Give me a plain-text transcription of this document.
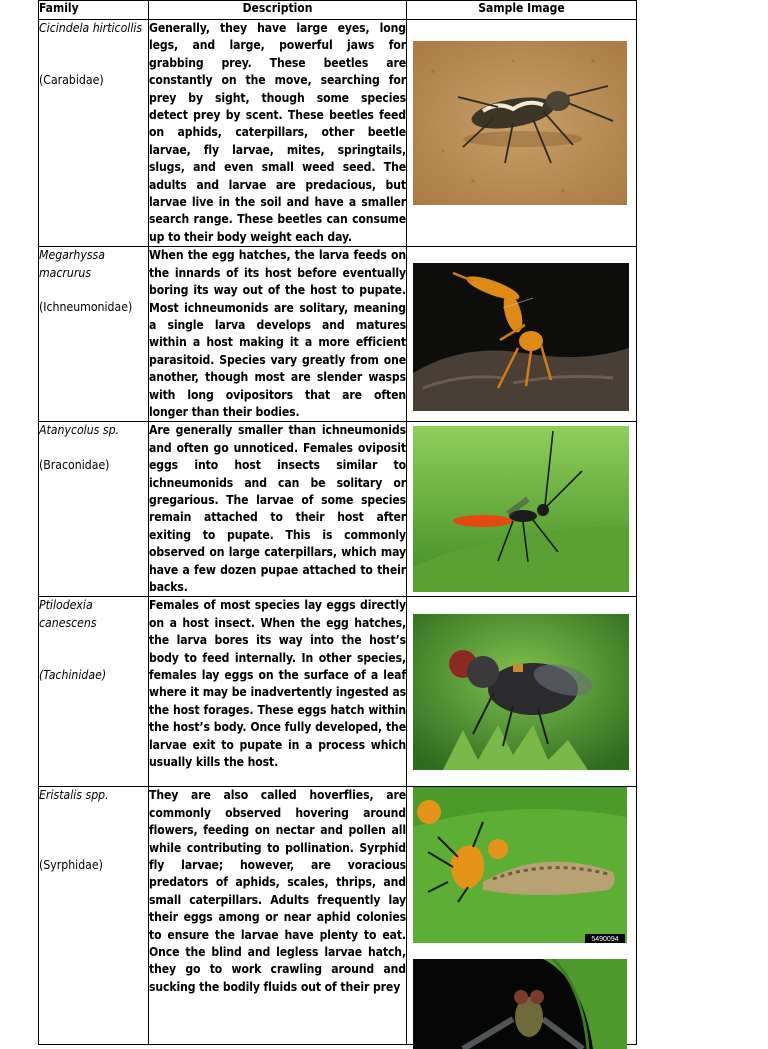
Family	Description	Sample Image

Cicindela hirticollis
(Carabidae)	Generally, they have large eyes, long legs, and large, powerful jaws for grabbing prey. These beetles are constantly on the move, searching for prey by sight, though some species detect prey by scent. These beetles feed on aphids, caterpillars, other beetle larvae, fly larvae, mites, springtails, slugs, and even small weed seed. The adults and larvae are predacious, but larvae live in the soil and have a smaller search range. These beetles can consume up to their body weight each day.	

Megarhyssa macrurus
(Ichneumonidae)	When the egg hatches, the larva feeds on the innards of its host before eventually boring its way out of the host to pupate. Most ichneumonids are solitary, meaning a single larva develops and matures within a host making it a more efficient parasitoid. Species vary greatly from one another, though most are slender wasps with long ovipositors that are often longer than their bodies.	

Atanycolus sp.
(Braconidae)	Are generally smaller than ichneumonids and often go unnoticed. Females oviposit eggs into host insects similar to ichneumonids and can be solitary or gregarious. The larvae of some species remain attached to their host after exiting to pupate. This is commonly observed on large caterpillars, which may have a few dozen pupae attached to their backs.	

Ptilodexia canescens
(Tachinidae)	Females of most species lay eggs directly on a host insect. When the egg hatches, the larva bores its way into the host’s body to feed internally. In other species, females lay eggs on the surface of a leaf where it may be inadvertently ingested as the host forages. These eggs hatch within the host’s body. Once fully developed, the larvae exit to pupate in a process which usually kills the host.	

Eristalis spp.
(Syrphidae)	They are also called hoverflies, are commonly observed hovering around flowers, feeding on nectar and pollen all while contributing to pollination. Syrphid fly larvae; however, are voracious predators of aphids, scales, thrips, and small caterpillars. Adults frequently lay their eggs among or near aphid colonies to ensure the larvae have plenty to eat. Once the blind and legless larvae hatch, they go to work crawling around and sucking the bodily fluids out of their prey	5490094
